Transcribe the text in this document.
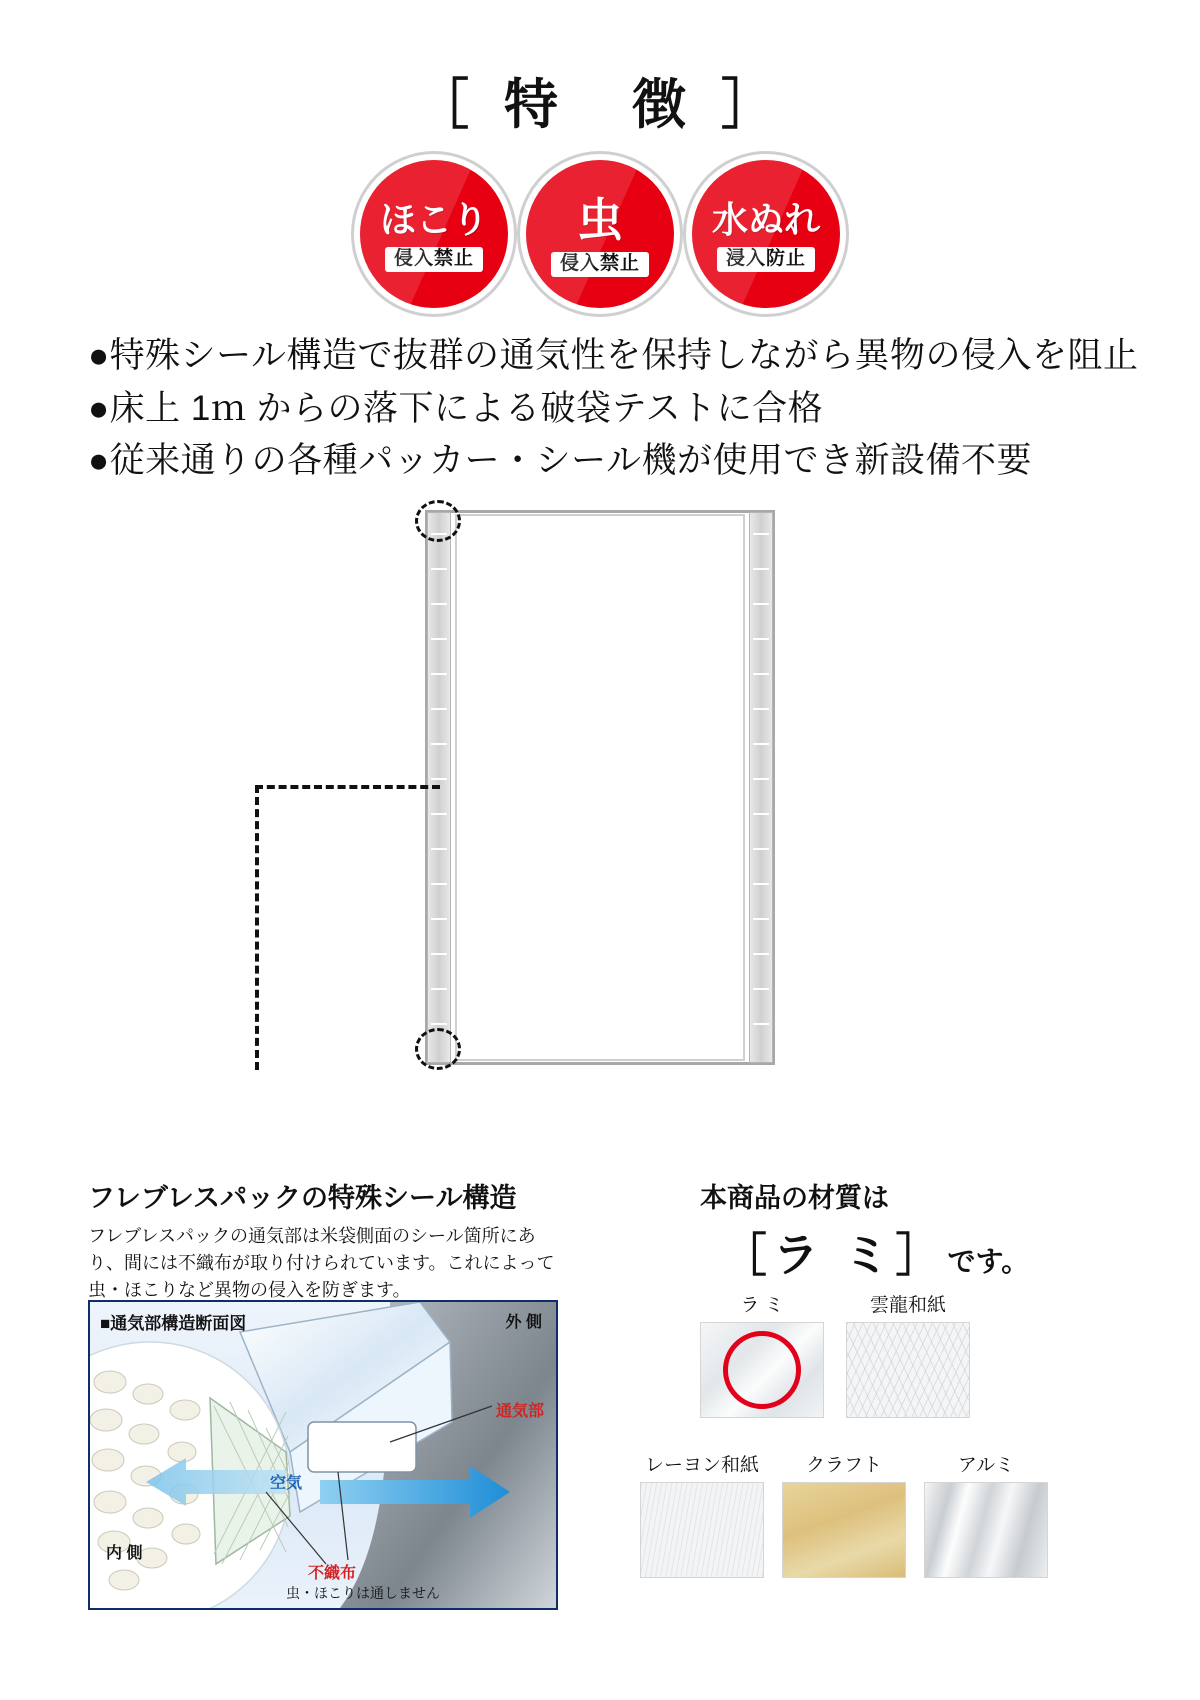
［ 特　徴 ］
ほこり
侵入禁止
虫
侵入禁止
水ぬれ
浸入防止
●特殊シール構造で抜群の通気性を保持しながら異物の侵入を阻止
●床上 1ｍ からの落下による破袋テストに合格
●従来通りの各種パッカー・シール機が使用でき新設備不要
フレブレスパックの特殊シール構造
フレブレスパックの通気部は米袋側面のシール箇所にあり、間には不織布が取り付けられています。これによって虫・ほこりなど異物の侵入を防ぎます。
■通気部構造断面図	外 側
通気部
空気
内 側
不織布
虫・ほこりは通しません
本商品の材質は
［ラ ミ］です。
ラ ミ	雲龍和紙
レーヨン和紙	クラフト	アルミ
